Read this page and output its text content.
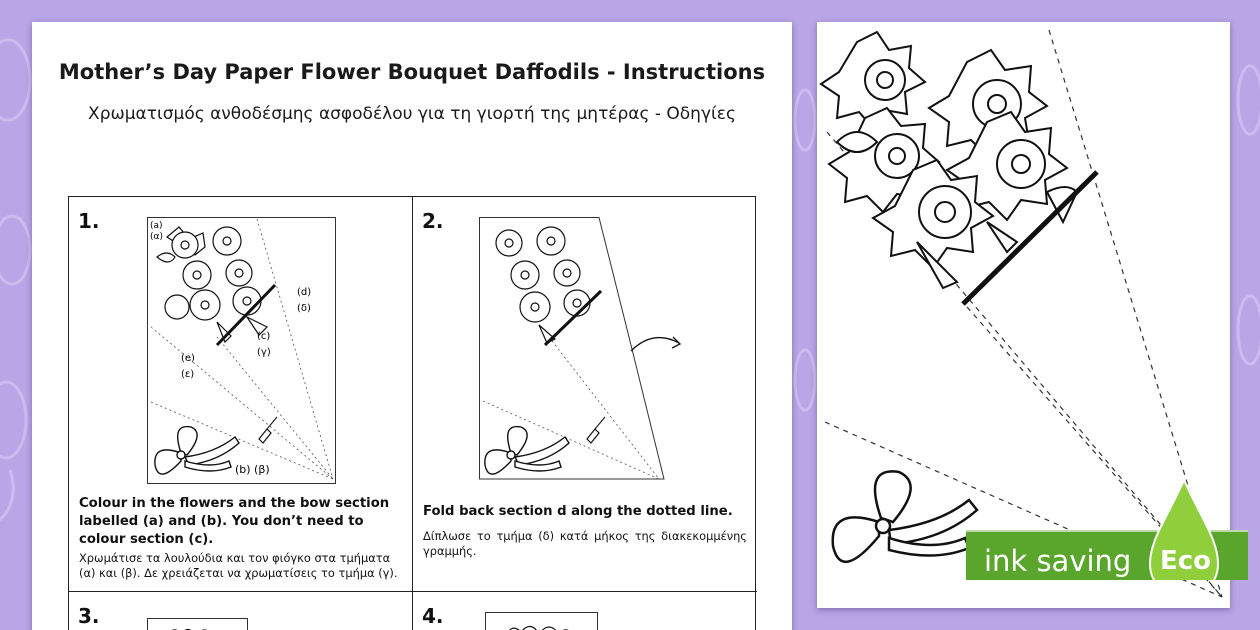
Mother’s Day Paper Flower Bouquet Daffodils - Instructions
Χρωματισμός ανθοδέσμης ασφοδέλου για τη γιορτή της μητέρας - Οδηγίες
1.	(a)
(α)
(d)
(δ)
(c)
(γ)
(e)
(ε)
(b) (β)
Colour in the flowers and the bow section labelled (a) and (b). You don’t need to colour section (c).
Χρωμάτισε τα λουλούδια και τον φιόγκο στα τμήματα (α) και (β). Δε χρειάζεται να χρωματίσεις το τμήμα (γ).
2.
Fold back section d along the dotted line.
Δίπλωσε το τμήμα (δ) κατά μήκος της διακεκομμένης γραμμής.
3.	4.
ink saving Eco
